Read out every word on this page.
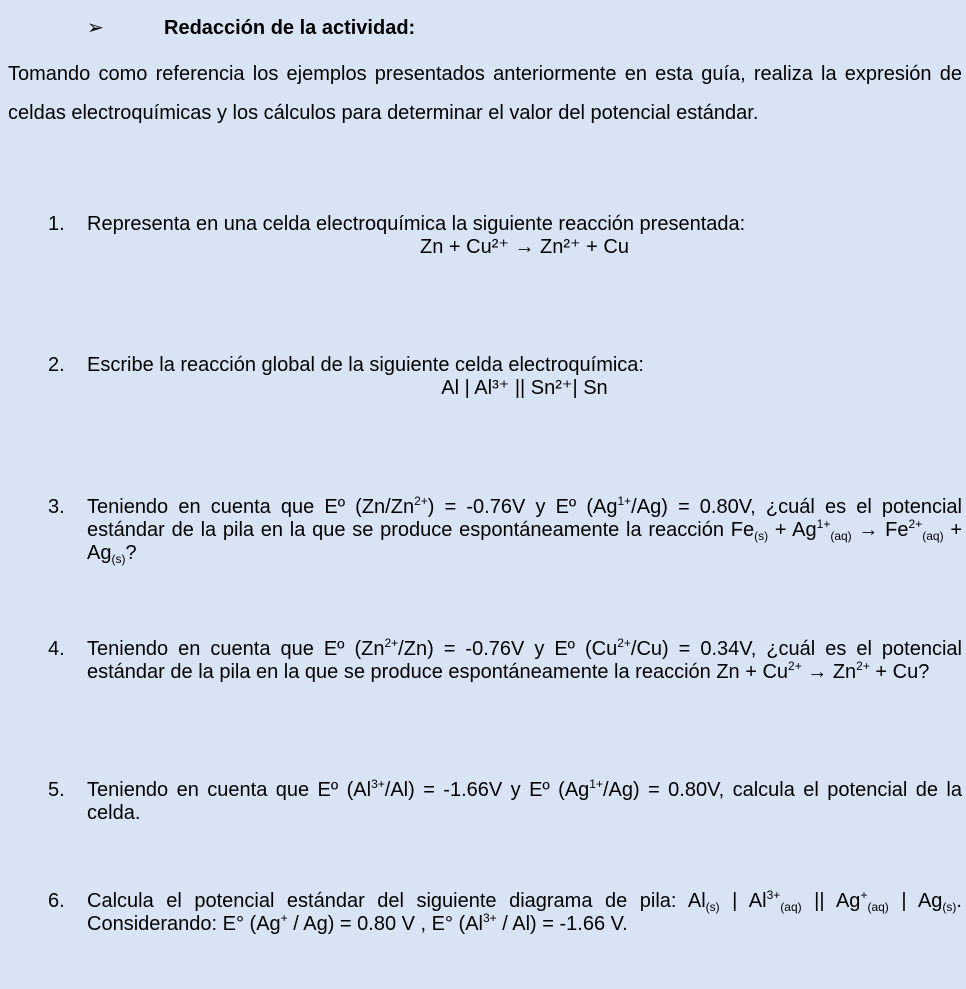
➢	Redacción de la actividad:

Tomando como referencia los ejemplos presentados anteriormente en esta guía, realiza la expresión de celdas electroquímicas y los cálculos para determinar el valor del potencial estándar.

1. Representa en una celda electroquímica la siguiente reacción presentada:
Zn + Cu²⁺ → Zn²⁺ + Cu
2. Escribe la reacción global de la siguiente celda electroquímica:
Al | Al³⁺ || Sn²⁺| Sn
3. Teniendo en cuenta que Eº $(Zn/Zn^{2+}) = -0.76V$ y Eº $(Ag^{1+}/Ag) = 0.80V$, ¿cuál es el potencial estándar de la pila en la que se produce espontáneamente la reacción $Fe_{(s)} + Ag^{1+}_{(aq)} \to Fe^{2+}_{(aq)} + Ag_{(s)}$?
4. Teniendo en cuenta que Eº $(Zn^{2+}/Zn) = -0.76V$ y Eº $(Cu^{2+}/Cu) = 0.34V$, ¿cuál es el potencial estándar de la pila en la que se produce espontáneamente la reacción $Zn + Cu^{2+} \to Zn^{2+} + Cu$?
5. Teniendo en cuenta que Eº $(Al^{3+}/Al) = -1.66V$ y Eº $(Ag^{1+}/Ag) = 0.80V$, calcula el potencial de la celda.
6. Calcula el potencial estándar del siguiente diagrama de pila: $Al_{(s)}$ | $Al^{3+}_{(aq)}$ || $Ag^+_{(aq)}$ | $Ag_{(s)}$. Considerando: E° (Ag+ / Ag) = 0.80 V , E° $(Al^{3+} / Al) = -1.66$ V.
